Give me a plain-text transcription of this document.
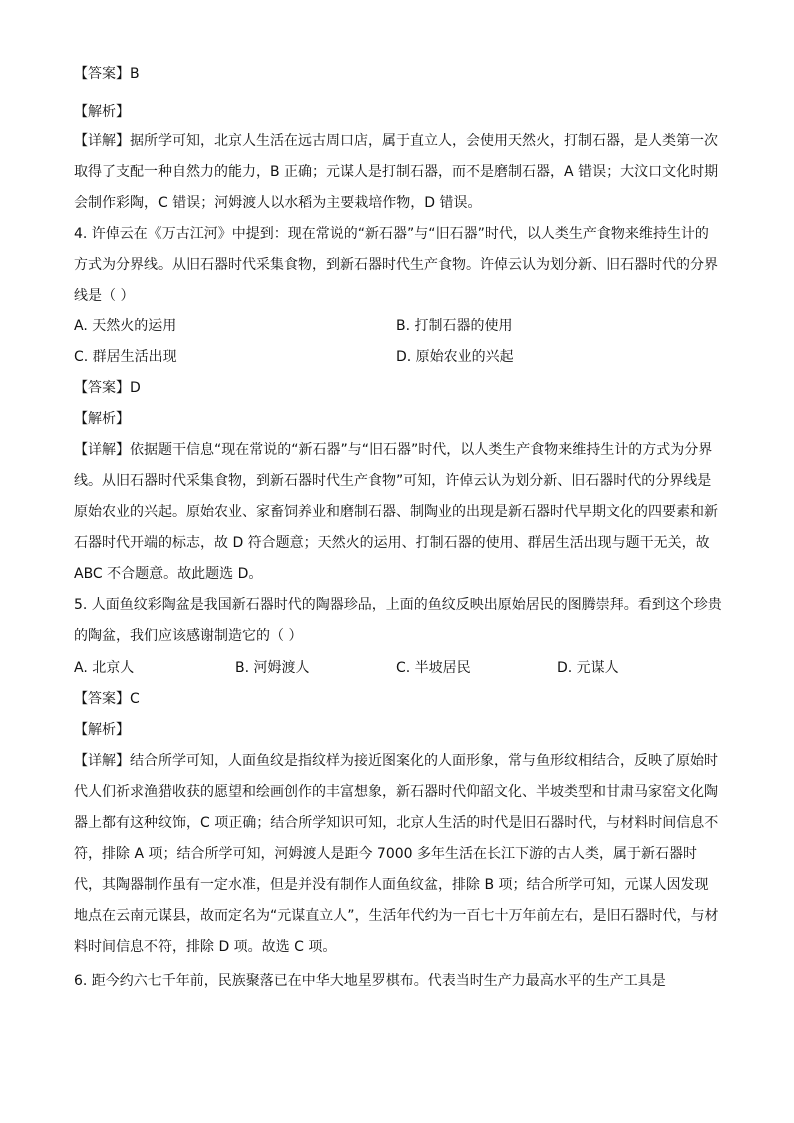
【答案】B

【解析】

【详解】据所学可知，北京人生活在远古周口店，属于直立人，会使用天然火，打制石器，是人类第一次取得了支配一种自然力的能力，B 正确；元谋人是打制石器，而不是磨制石器，A 错误；大汶口文化时期会制作彩陶，C 错误；河姆渡人以水稻为主要栽培作物，D 错误。

4. 许倬云在《万古江河》中提到：现在常说的“新石器”与“旧石器”时代，以人类生产食物来维持生计的方式为分界线。从旧石器时代采集食物，到新石器时代生产食物。许倬云认为划分新、旧石器时代的分界线是（ ）

A. 天然火的运用	B. 打制石器的使用
C. 群居生活出现	D. 原始农业的兴起

【答案】D

【解析】

【详解】依据题干信息“现在常说的“新石器”与“旧石器”时代，以人类生产食物来维持生计的方式为分界线。从旧石器时代采集食物，到新石器时代生产食物”可知，许倬云认为划分新、旧石器时代的分界线是原始农业的兴起。原始农业、家畜饲养业和磨制石器、制陶业的出现是新石器时代早期文化的四要素和新石器时代开端的标志，故 D 符合题意；天然火的运用、打制石器的使用、群居生活出现与题干无关，故 ABC 不合题意。故此题选 D。

5. 人面鱼纹彩陶盆是我国新石器时代的陶器珍品，上面的鱼纹反映出原始居民的图腾崇拜。看到这个珍贵的陶盆，我们应该感谢制造它的（ ）

A. 北京人	B. 河姆渡人	C. 半坡居民	D. 元谋人

【答案】C

【解析】

【详解】结合所学可知，人面鱼纹是指纹样为接近图案化的人面形象，常与鱼形纹相结合，反映了原始时代人们祈求渔猎收获的愿望和绘画创作的丰富想象，新石器时代仰韶文化、半坡类型和甘肃马家窑文化陶器上都有这种纹饰，C 项正确；结合所学知识可知，北京人生活的时代是旧石器时代，与材料时间信息不符，排除 A 项；结合所学可知，河姆渡人是距今 7000 多年生活在长江下游的古人类，属于新石器时代，其陶器制作虽有一定水准，但是并没有制作人面鱼纹盆，排除 B 项；结合所学可知，元谋人因发现地点在云南元谋县，故而定名为“元谋直立人”，生活年代约为一百七十万年前左右，是旧石器时代，与材料时间信息不符，排除 D 项。故选 C 项。

6. 距今约六七千年前，民族聚落已在中华大地星罗棋布。代表当时生产力最高水平的生产工具是
